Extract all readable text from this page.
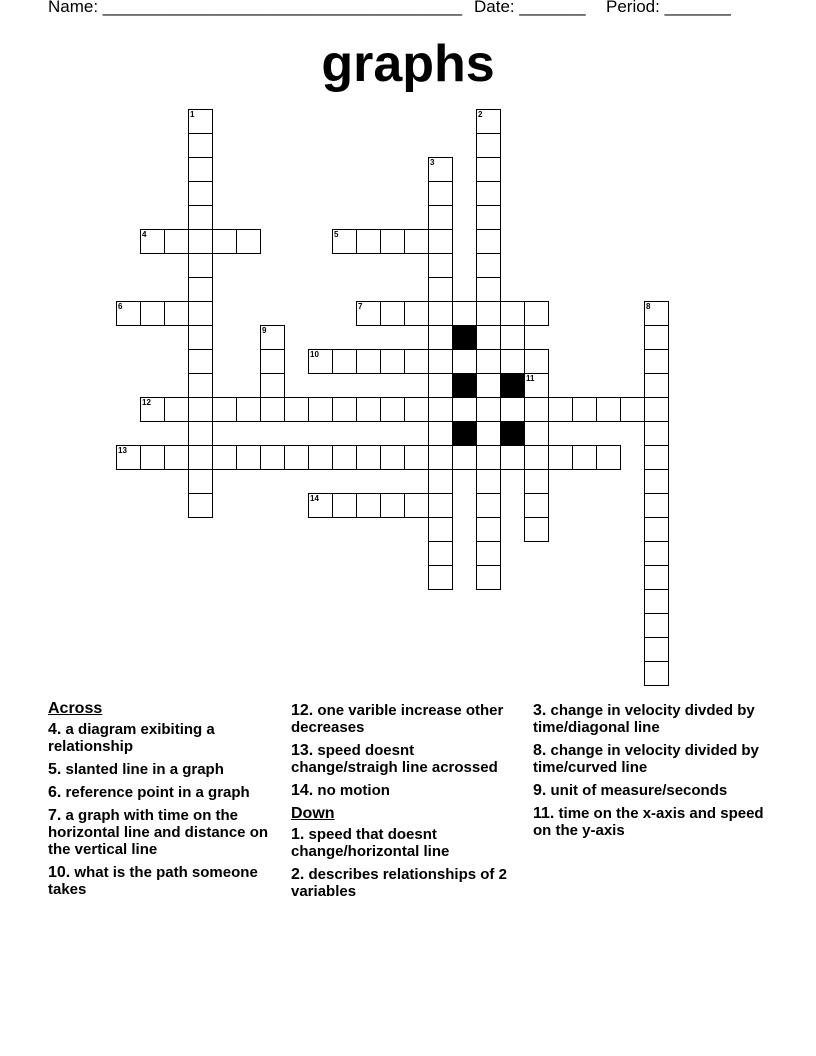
Name: ______________________________________ Date: _______ Period: _______
graphs
4	5
6	7
10
12
13
14
1	2
3
8
9
11
Across
4. a diagram exibiting a relationship
5. slanted line in a graph
6. reference point in a graph
7. a graph with time on the horizontal line and distance on the vertical line
10. what is the path someone takes
12. one varible increase other decreases
13. speed doesnt change/straigh line acrossed
14. no motion
Down
1. speed that doesnt change/horizontal line
2. describes relationships of 2 variables
3. change in velocity divded by time/diagonal line
8. change in velocity divided by time/curved line
9. unit of measure/seconds
11. time on the x-axis and speed on the y-axis
